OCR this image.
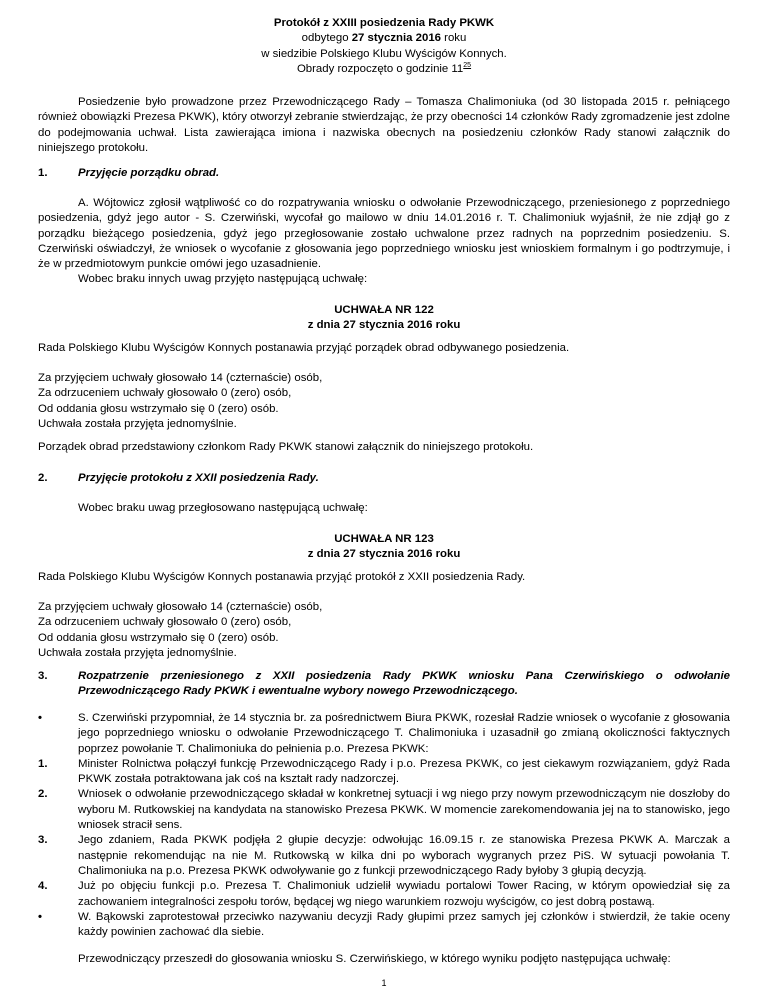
Protokół z XXIII posiedzenia Rady PKWK
odbytego 27 stycznia 2016 roku
w siedzibie Polskiego Klubu Wyścigów Konnych.
Obrady rozpoczęto o godzinie $11^{25}$
Posiedzenie było prowadzone przez Przewodniczącego Rady – Tomasza Chalimoniuka (od 30 listopada 2015 r. pełniącego również obowiązki Prezesa PKWK), który otworzył zebranie stwierdzając, że przy obecności 14 członków Rady zgromadzenie jest zdolne do podejmowania uchwał. Lista zawierająca imiona i nazwiska obecnych na posiedzeniu członków Rady stanowi załącznik do niniejszego protokołu.
1.	Przyjęcie porządku obrad.
A. Wójtowicz zgłosił wątpliwość co do rozpatrywania wniosku o odwołanie Przewodniczącego, przeniesionego z poprzedniego posiedzenia, gdyż jego autor - S. Czerwiński, wycofał go mailowo w dniu 14.01.2016 r. T. Chalimoniuk wyjaśnił, że nie zdjął go z porządku bieżącego posiedzenia, gdyż jego przegłosowanie zostało uchwalone przez radnych na poprzednim posiedzeniu. S. Czerwiński oświadczył, że wniosek o wycofanie z głosowania jego poprzedniego wniosku jest wnioskiem formalnym i go podtrzymuje, i że w przedmiotowym punkcie omówi jego uzasadnienie.
Wobec braku innych uwag przyjęto następującą uchwałę:
UCHWAŁA NR 122
z dnia 27 stycznia 2016 roku
Rada Polskiego Klubu Wyścigów Konnych postanawia przyjąć porządek obrad odbywanego posiedzenia.
Za przyjęciem uchwały głosowało 14 (czternaście) osób,
Za odrzuceniem uchwały głosowało 0 (zero) osób,
Od oddania głosu wstrzymało się 0 (zero) osób.
Uchwała została przyjęta jednomyślnie.
Porządek obrad przedstawiony członkom Rady PKWK stanowi załącznik do niniejszego protokołu.
2.	Przyjęcie protokołu z XXII posiedzenia Rady.
Wobec braku uwag przegłosowano następującą uchwałę:
UCHWAŁA NR 123
z dnia 27 stycznia 2016 roku
Rada Polskiego Klubu Wyścigów Konnych postanawia przyjąć protokół z XXII posiedzenia Rady.
Za przyjęciem uchwały głosowało 14 (czternaście) osób,
Za odrzuceniem uchwały głosowało 0 (zero) osób,
Od oddania głosu wstrzymało się 0 (zero) osób.
Uchwała została przyjęta jednomyślnie.
3.	Rozpatrzenie przeniesionego z XXII posiedzenia Rady PKWK wniosku Pana Czerwińskiego o odwołanie Przewodniczącego Rady PKWK i ewentualne wybory nowego Przewodniczącego.
•	S. Czerwiński przypomniał, że 14 stycznia br. za pośrednictwem Biura PKWK, rozesłał Radzie wniosek o wycofanie z głosowania jego poprzedniego wniosku o odwołanie Przewodniczącego T. Chalimoniuka i uzasadnił go zmianą okoliczności faktycznych poprzez powołanie T. Chalimoniuka do pełnienia p.o. Prezesa PKWK:
1.	Minister Rolnictwa połączył funkcję Przewodniczącego Rady i p.o. Prezesa PKWK, co jest ciekawym rozwiązaniem, gdyż Rada PKWK została potraktowana jak coś na kształt rady nadzorczej.
2.	Wniosek o odwołanie przewodniczącego składał w konkretnej sytuacji i wg niego przy nowym przewodniczącym nie doszłoby do wyboru M. Rutkowskiej na kandydata na stanowisko Prezesa PKWK. W momencie zarekomendowania jej na to stanowisko, jego wniosek stracił sens.
3.	Jego zdaniem, Rada PKWK podjęła 2 głupie decyzje: odwołując 16.09.15 r. ze stanowiska Prezesa PKWK A. Marczak a następnie rekomendując na nie M. Rutkowską w kilka dni po wyborach wygranych przez PiS. W sytuacji powołania T. Chalimoniuka na p.o. Prezesa PKWK odwoływanie go z funkcji przewodniczącego Rady byłoby 3 głupią decyzją.
4.	Już po objęciu funkcji p.o. Prezesa T. Chalimoniuk udzielił wywiadu portalowi Tower Racing, w którym opowiedział się za zachowaniem integralności zespołu torów, będącej wg niego warunkiem rozwoju wyścigów, co jest dobrą postawą.
•	W. Bąkowski zaprotestował przeciwko nazywaniu decyzji Rady głupimi przez samych jej członków i stwierdził, że takie oceny każdy powinien zachować dla siebie.
Przewodniczący przeszedł do głosowania wniosku S. Czerwińskiego, w którego wyniku podjęto następująca uchwałę:
1
